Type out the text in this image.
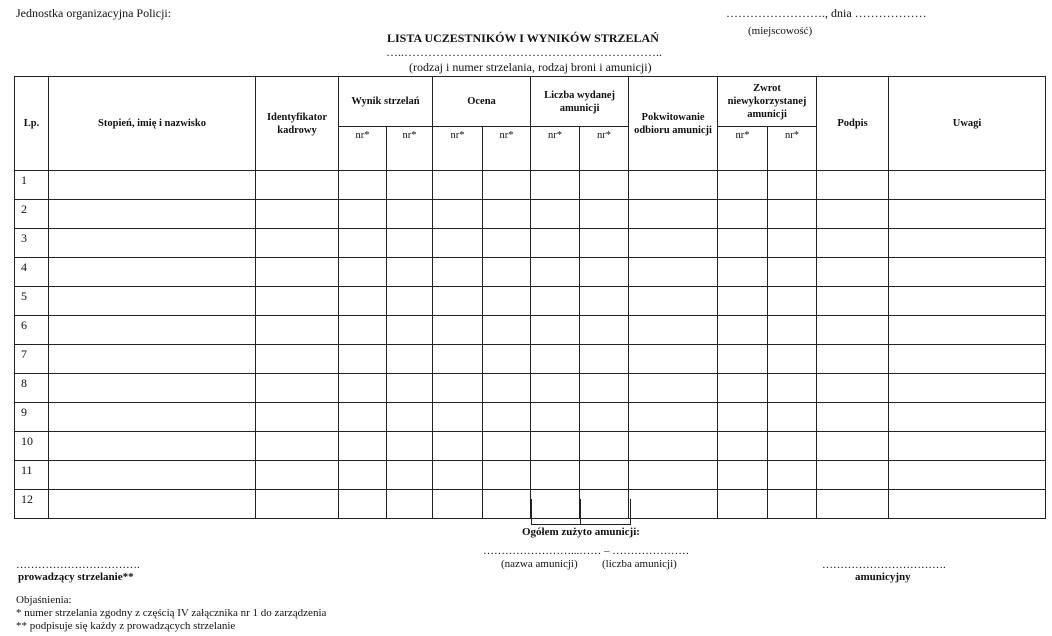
Jednostka organizacyjna Policji:	……………………., dnia ………………
(miejscowość)
LISTA UCZESTNIKÓW I WYNIKÓW STRZELAŃ
…..………………………………………………………..
(rodzaj i numer strzelania, rodzaj broni i amunicji)
Lp.	Stopień, imię i nazwisko	Identyfikator kadrowy	Wynik strzelań		Ocena		Liczba wydanej amunicji		Pokwitowanie odbioru amunicji	Zwrot niewykorzystanej amunicji		Podpis	Uwagi
			nr*	nr*	nr*	nr*	nr*	nr*		nr*	nr*		
1													
2													
3													
4													
5													
6													
7													
8													
9													
10													
11													
12													
Ogółem zużyto amunicji:
……………………...…… – …………………
(nazwa amunicji) (liczba amunicji)
…………………………….
prowadzący strzelanie**
…………………………….
amunicyjny
Objaśnienia:
* numer strzelania zgodny z częścią IV załącznika nr 1 do zarządzenia
** podpisuje się każdy z prowadzących strzelanie
